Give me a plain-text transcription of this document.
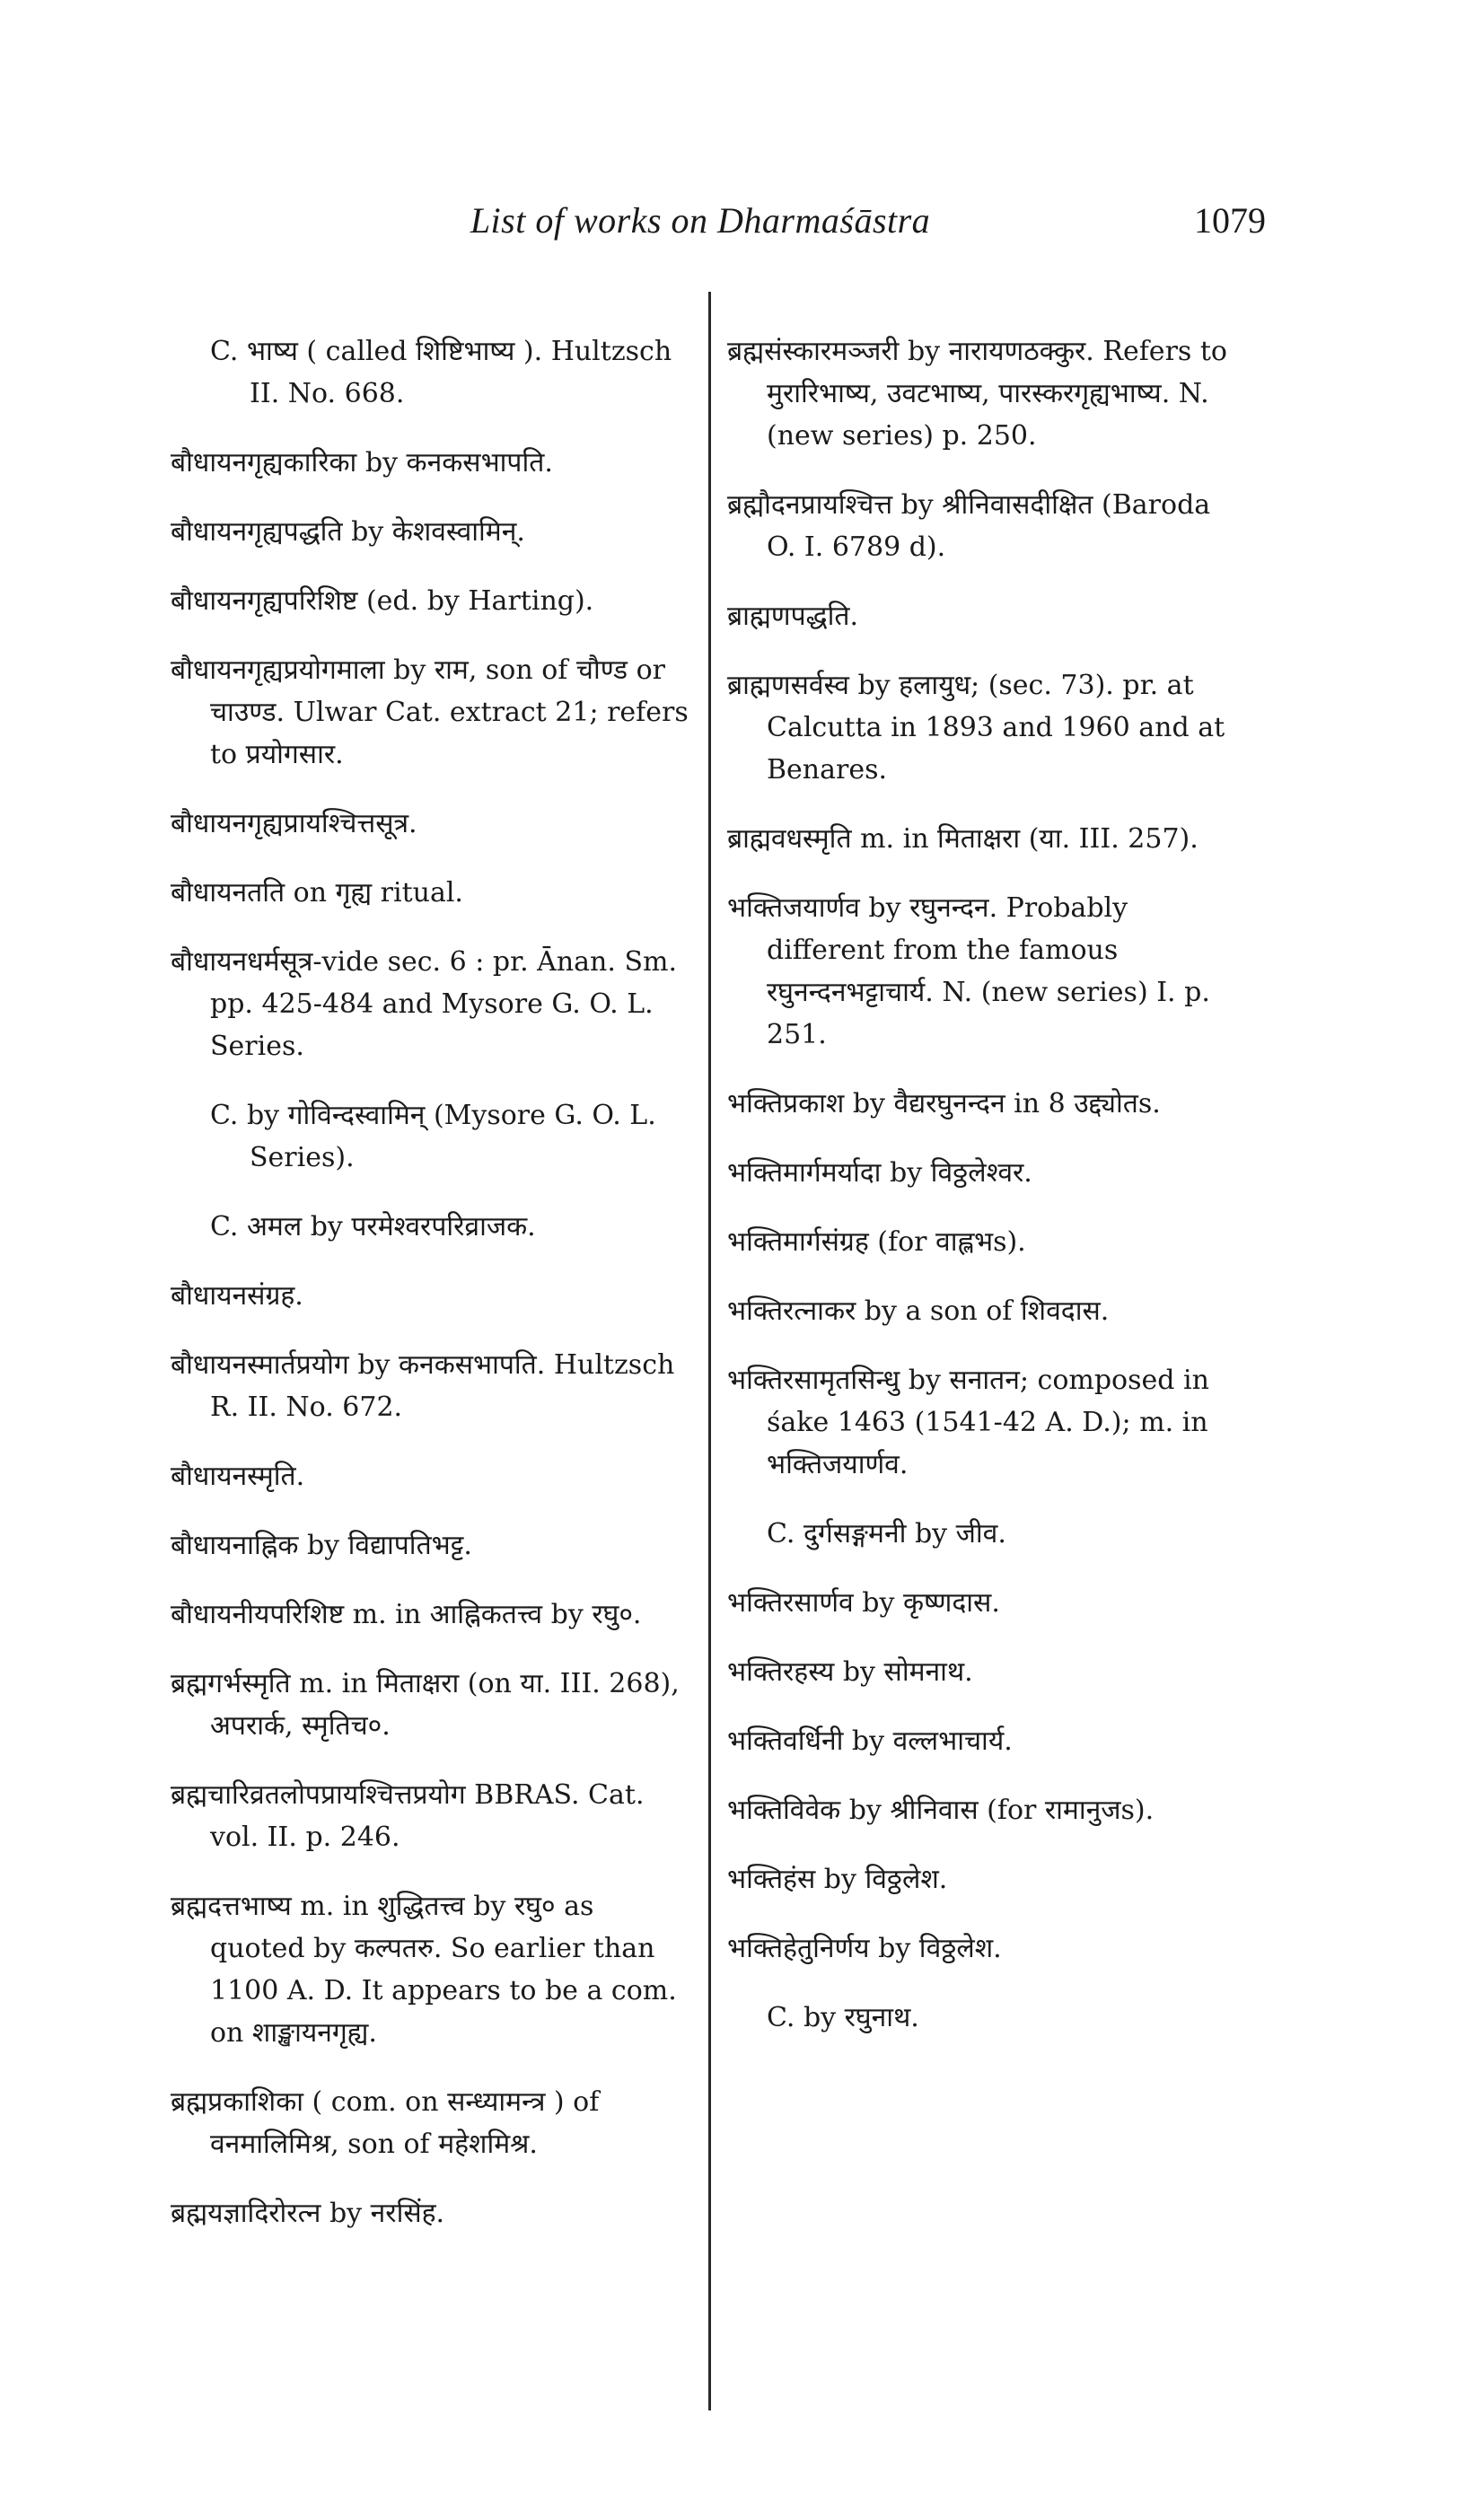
List of works on Dharmaśāstra	1079

C. भाष्य ( called शिष्टिभाष्य ). Hultzsch II. No. 668.

बौधायनगृह्यकारिका by कनकसभापति.

बौधायनगृह्यपद्धति by केशवस्वामिन्.

बौधायनगृह्यपरिशिष्ट (ed. by Harting).

बौधायनगृह्यप्रयोगमाला by राम, son of चौण्ड or चाउण्ड. Ulwar Cat. extract 21; refers to प्रयोगसार.

बौधायनगृह्यप्रायश्चित्तसूत्र.

बौधायनतति on गृह्य ritual.

बौधायनधर्मसूत्र-vide sec. 6 : pr. Ānan. Sm. pp. 425-484 and Mysore G. O. L. Series.

C. by गोविन्दस्वामिन् (Mysore G. O. L. Series).

C. अमल by परमेश्वरपरिव्राजक.

बौधायनसंग्रह.

बौधायनस्मार्तप्रयोग by कनकसभापति. Hultzsch R. II. No. 672.

बौधायनस्मृति.

बौधायनाह्निक by विद्यापतिभट्ट.

बौधायनीयपरिशिष्ट m. in आह्निकतत्त्व by रघु०.

ब्रह्मगर्भस्मृति m. in मिताक्षरा (on या. III. 268), अपरार्क, स्मृतिच०.

ब्रह्मचारिव्रतलोपप्रायश्चित्तप्रयोग BBRAS. Cat. vol. II. p. 246.

ब्रह्मदत्तभाष्य m. in शुद्धितत्त्व by रघु० as quoted by कल्पतरु. So earlier than 1100 A. D. It appears to be a com. on शाङ्खायनगृह्य.

ब्रह्मप्रकाशिका ( com. on सन्ध्यामन्त्र ) of वनमालिमिश्र, son of महेशमिश्र.

ब्रह्मयज्ञादिरोरत्न by नरसिंह.

ब्रह्मसंस्कारमञ्जरी by नारायणठक्कुर. Refers to मुरारिभाष्य, उवटभाष्य, पारस्करगृह्यभाष्य. N. (new series) p. 250.

ब्रह्मौदनप्रायश्चित्त by श्रीनिवासदीक्षित (Baroda O. I. 6789 d).

ब्राह्मणपद्धति.

ब्राह्मणसर्वस्व by हलायुध; (sec. 73). pr. at Calcutta in 1893 and 1960 and at Benares.

ब्राह्मवधस्मृति m. in मिताक्षरा (या. III. 257).

भक्तिजयार्णव by रघुनन्दन. Probably different from the famous रघुनन्दनभट्टाचार्य. N. (new series) I. p. 251.

भक्तिप्रकाश by वैद्यरघुनन्दन in 8 उद्द्योतs.

भक्तिमार्गमर्यादा by विठ्ठलेश्वर.

भक्तिमार्गसंग्रह (for वाह्लभs).

भक्तिरत्नाकर by a son of शिवदास.

भक्तिरसामृतसिन्धु by सनातन; composed in śake 1463 (1541-42 A. D.); m. in भक्तिजयार्णव.

C. दुर्गसङ्गमनी by जीव.

भक्तिरसार्णव by कृष्णदास.

भक्तिरहस्य by सोमनाथ.

भक्तिवर्धिनी by वल्लभाचार्य.

भक्तिविवेक by श्रीनिवास (for रामानुजs).

भक्तिहंस by विठ्ठलेश.

भक्तिहेतुनिर्णय by विठ्ठलेश.

C. by रघुनाथ.
